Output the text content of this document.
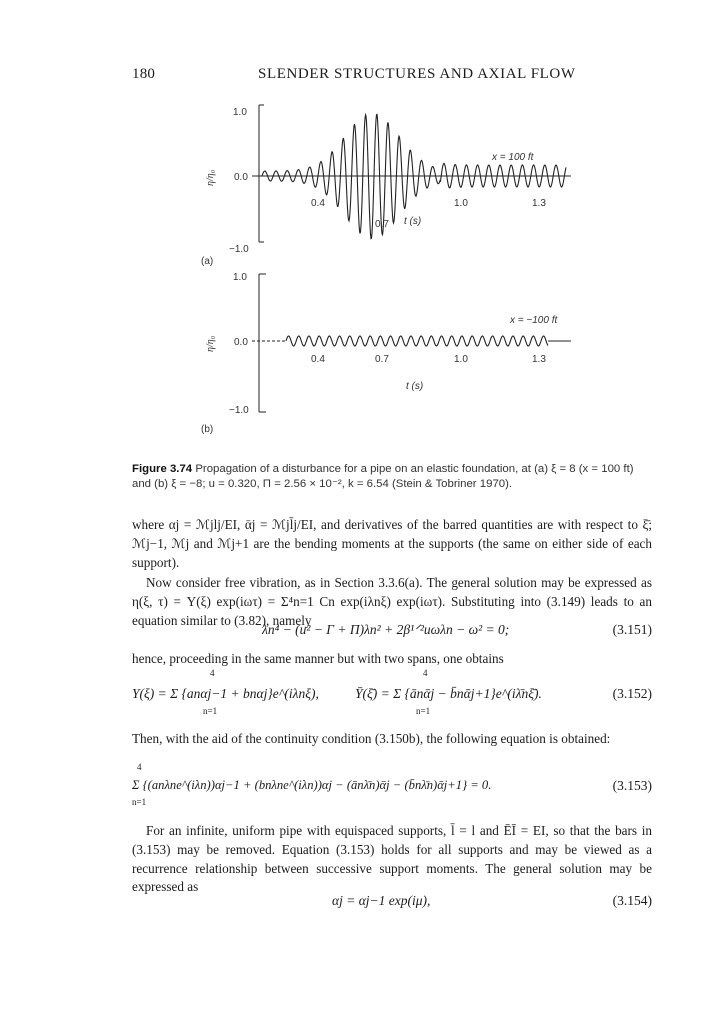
180	SLENDER STRUCTURES AND AXIAL FLOW
1.0
0.0
−1.0
η/η₀
0.4
0.7
1.0	1.3
t (s)
x = 100 ft
(a)
1.0
0.0
−1.0
η/η₀
0.4	0.7	1.0	1.3
t (s)
x = −100 ft
(b)
Figure 3.74 Propagation of a disturbance for a pipe on an elastic foundation, at (a) ξ = 8 (x = 100 ft) and (b) ξ = −8; u = 0.320, Π = 2.56 × 10⁻², k = 6.54 (Stein & Tobriner 1970).
where αj = ℳjlj/EI, ᾱj = ℳjl̄j/EI, and derivatives of the barred quantities are with respect to ξ̄; ℳj−1, ℳj and ℳj+1 are the bending moments at the supports (the same on either side of each support).
Now consider free vibration, as in Section 3.3.6(a). The general solution may be expressed as η(ξ, τ) = Y(ξ) exp(iωτ) = Σ⁴n=1 Cn exp(iλnξ) exp(iωτ). Substituting into (3.149) leads to an equation similar to (3.82), namely
λn⁴ − (u² − Γ + Π)λn² + 2β¹ᐟ²uωλn − ω² = 0;	(3.151)
hence, proceeding in the same manner but with two spans, one obtains
4
Y(ξ) = Σ {anαj−1 + bnαj}e^(iλnξ),
n=1
4
Ȳ(ξ̄) = Σ {ānᾱj − b̄nᾱj+1}e^(iλ̄nξ̄).
n=1
(3.152)
Then, with the aid of the continuity condition (3.150b), the following equation is obtained:
4
Σ {(anλne^(iλn))αj−1 + (bnλne^(iλn))αj − (ānλ̄n)ᾱj − (b̄nλ̄n)ᾱj+1} = 0.
n=1
(3.153)
For an infinite, uniform pipe with equispaced supports, l̄ = l and ĒĪ = EI, so that the bars in (3.153) may be removed. Equation (3.153) holds for all supports and may be viewed as a recurrence relationship between successive support moments. The general solution may be expressed as
αj = αj−1 exp(iμ),	(3.154)
